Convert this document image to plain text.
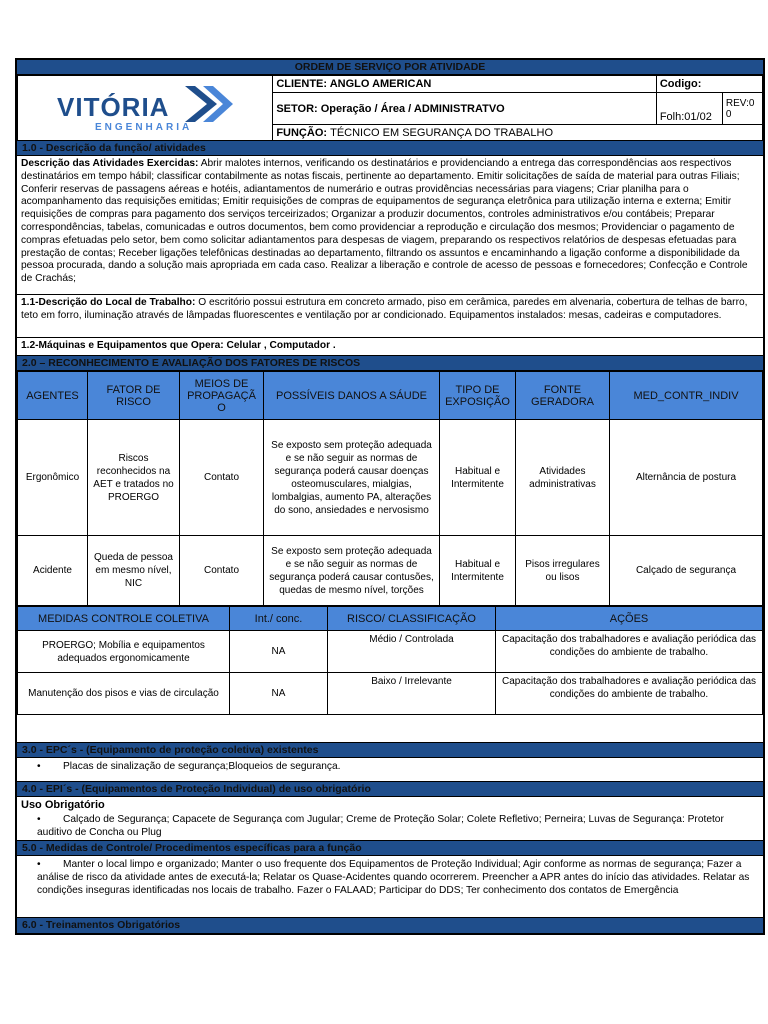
ORDEM DE SERVIÇO POR ATIVIDADE
VITÓRIA
ENGENHARIA	CLIENTE: ANGLO AMERICAN	Codigo:	
	SETOR: Operação / Área / ADMINISTRATVO	Folh:01/02	REV:0 0
	FUNÇÃO: TÉCNICO EM SEGURANÇA DO TRABALHO		
1.0 - Descrição da função/ atividades
Descrição das Atividades Exercidas: Abrir malotes internos, verificando os destinatários e providenciando a entrega das correspondências aos respectivos destinatários em tempo hábil; classificar contabilmente as notas fiscais, pertinente ao departamento. Emitir solicitações de saída de material para outras Filiais; Conferir reservas de passagens aéreas e hotéis, adiantamentos de numerário e outras providências necessárias para viagens; Criar planilha para o acompanhamento das requisições emitidas; Emitir requisições de compras de equipamentos de segurança eletrônica para utilização interna e externa; Emitir requisições de compras para pagamento dos serviços terceirizados; Organizar a produzir documentos, controles administrativos e/ou contábeis; Preparar correspondências, tabelas, comunicadas e outros documentos, bem como providenciar a reprodução e circulação dos mesmos; Providenciar o pagamento de compras efetuadas pelo setor, bem como solicitar adiantamentos para despesas de viagem, preparando os respectivos relatórios de despesas efetuadas para prestação de contas; Receber ligações telefônicas destinadas ao departamento, filtrando os assuntos e encaminhando a ligação conforme a disponibilidade da pessoa procurada, dando a solução mais apropriada em cada caso. Realizar a liberação e controle de acesso de pessoas e fornecedores; Confecção e Controle de Crachás;
1.1-Descrição do Local de Trabalho: O escritório possui estrutura em concreto armado, piso em cerâmica, paredes em alvenaria, cobertura de telhas de barro, teto em forro, iluminação através de lâmpadas fluorescentes e ventilação por ar condicionado. Equipamentos instalados: mesas, cadeiras e computadores.
1.2-Máquinas e Equipamentos que Opera: Celular , Computador .
2.0 – RECONHECIMENTO E AVALIAÇÃO DOS FATORES DE RISCOS
AGENTES	FATOR DE RISCO	MEIOS DE PROPAGAÇÃ O	POSSÍVEIS DANOS A SÁUDE	TIPO DE EXPOSIÇÃO	FONTE GERADORA	MED_CONTR_INDIV
Ergonômico	Riscos reconhecidos na AET e tratados no PROERGO	Contato	Se exposto sem proteção adequada e se não seguir as normas de segurança poderá causar doenças osteomusculares, mialgias, lombalgias, aumento PA, alterações do sono, ansiedades e nervosismo	Habitual e Intermitente	Atividades administrativas	Alternância de postura
Acidente	Queda de pessoa em mesmo nível, NIC	Contato	Se exposto sem proteção adequada e se não seguir as normas de segurança poderá causar contusões, quedas de mesmo nível, torções	Habitual e Intermitente	Pisos irregulares ou lisos	Calçado de segurança
MEDIDAS CONTROLE COLETIVA	Int./ conc.	RISCO/ CLASSIFICAÇÃO	AÇÕES
PROERGO; Mobília e equipamentos adequados ergonomicamente	NA	Médio / Controlada	Capacitação dos trabalhadores e avaliação periódica das condições do ambiente de trabalho.
Manutenção dos pisos e vias de circulação	NA	Baixo / Irrelevante	Capacitação dos trabalhadores e avaliação periódica das condições do ambiente de trabalho.
3.0 - EPC´s - (Equipamento de proteção coletiva) existentes
• Placas de sinalização de segurança;Bloqueios de segurança.
4.0 - EPI´s - (Equipamentos de Proteção Individual) de uso obrigatório
Uso Obrigatório
• Calçado de Segurança; Capacete de Segurança com Jugular; Creme de Proteção Solar; Colete Refletivo; Perneira; Luvas de Segurança: Protetor auditivo de Concha ou Plug
5.0 - Medidas de Controle/ Procedimentos específicas para a função
• Manter o local limpo e organizado; Manter o uso frequente dos Equipamentos de Proteção Individual; Agir conforme as normas de segurança; Fazer a análise de risco da atividade antes de executá-la; Relatar os Quase-Acidentes quando ocorrerem. Preencher a APR antes do início das atividades. Relatar as condições inseguras identificadas nos locais de trabalho. Fazer o FALAAD; Participar do DDS; Ter conhecimento dos contatos de Emergência
6.0 - Treinamentos Obrigatórios
